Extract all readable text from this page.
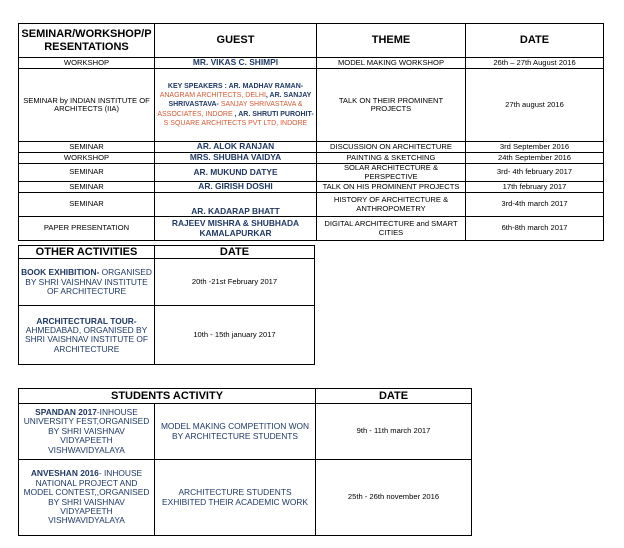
SEMINAR/WORKSHOP/P RESENTATIONS	GUEST	THEME	DATE
WORKSHOP	MR. VIKAS C. SHIMPI	MODEL MAKING WORKSHOP	26th – 27th August 2016
SEMINAR by INDIAN INSTITUTE OF ARCHITECTS (IIA)	KEY SPEAKERS : AR. MADHAV RAMAN- ANAGRAM ARCHITECTS, DELHI, AR. SANJAY SHRIVASTAVA- SANJAY SHRIVASTAVA & ASSOCIATES, INDORE , AR. SHRUTI PUROHIT- S SQUARE ARCHITECTS PVT LTD, INDORE	TALK ON THEIR PROMINENT PROJECTS	27th august 2016
SEMINAR	AR. ALOK RANJAN	DISCUSSION ON ARCHITECTURE	3rd September 2016
WORKSHOP	MRS. SHUBHA VAIDYA	PAINTING & SKETCHING	24th September 2016
SEMINAR	AR. MUKUND DATYE	SOLAR ARCHITECTURE & PERSPECTIVE	3rd- 4th february 2017
SEMINAR	AR. GIRISH DOSHI	TALK ON HIS PROMINENT PROJECTS	17th february 2017
SEMINAR	AR. KADARAP BHATT	HISTORY OF ARCHITECTURE & ANTHROPOMETRY	3rd-4th march 2017
PAPER PRESENTATION	RAJEEV MISHRA & SHUBHADA KAMALAPURKAR	DIGITAL ARCHITECTURE and SMART CITIES	6th-8th march 2017
OTHER ACTIVITIES	DATE
BOOK EXHIBITION- ORGANISED BY SHRI VAISHNAV INSTITUTE OF ARCHITECTURE	20th -21st February 2017
ARCHITECTURAL TOUR- AHMEDABAD, ORGANISED BY SHRI VAISHNAV INSTITUTE OF ARCHITECTURE	10th - 15th january 2017
STUDENTS ACTIVITY		DATE
SPANDAN 2017-INHOUSE UNIVERSITY FEST,ORGANISED BY SHRI VAISHNAV VIDYAPEETH VISHWAVIDYALAYA	MODEL MAKING COMPETITION WON BY ARCHITECTURE STUDENTS	9th - 11th march 2017
ANVESHAN 2016- INHOUSE NATIONAL PROJECT AND MODEL CONTEST,,ORGANISED BY SHRI VAISHNAV VIDYAPEETH VISHWAVIDYALAYA	ARCHITECTURE STUDENTS EXHIBITED THEIR ACADEMIC WORK	25th - 26th november 2016
